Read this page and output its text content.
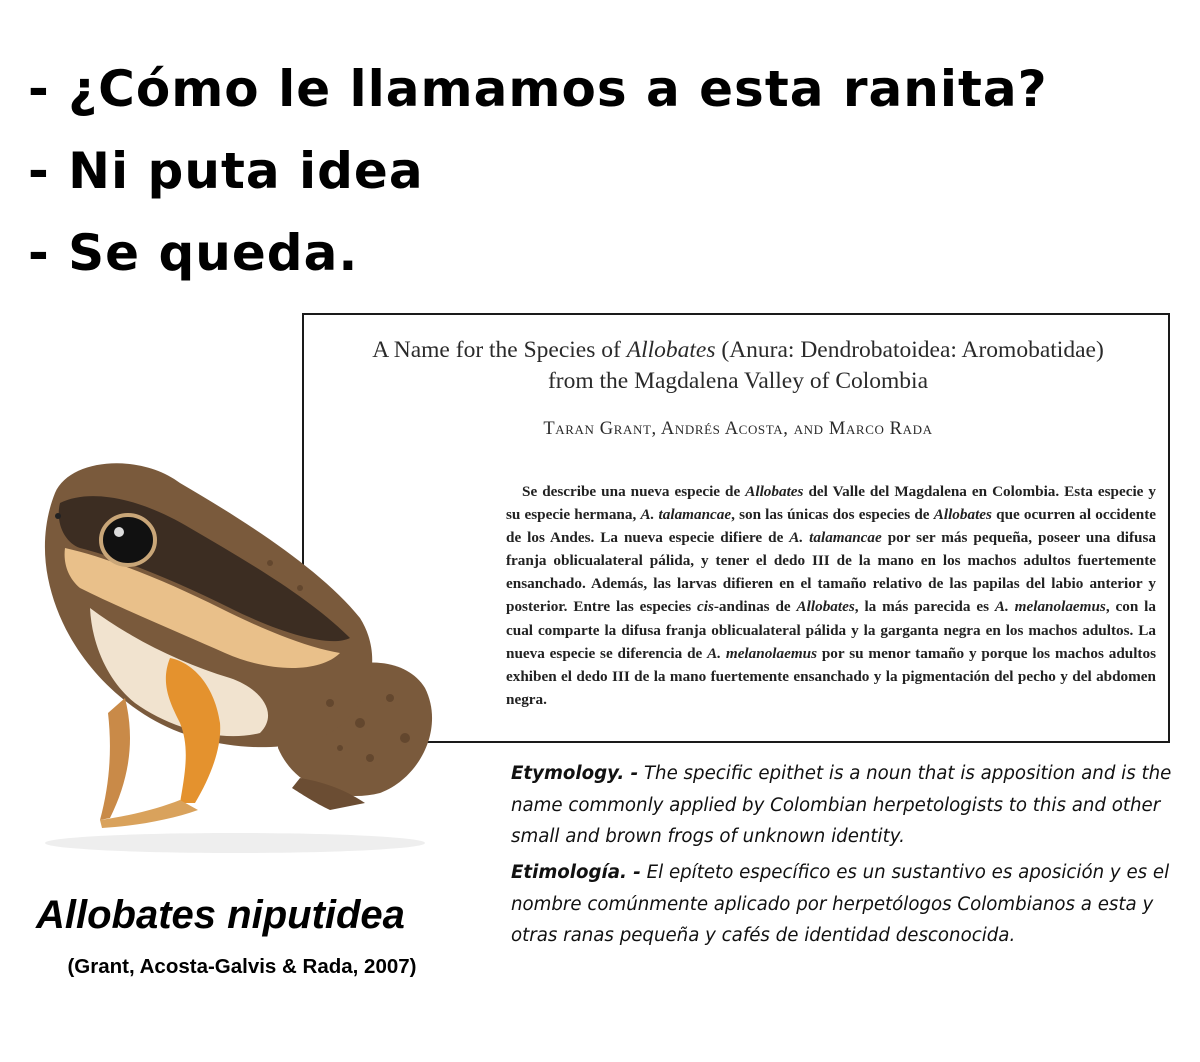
- ¿Cómo le llamamos a esta ranita?
- Ni puta idea
- Se queda.
A Name for the Species of Allobates (Anura: Dendrobatoidea: Aromobatidae)
from the Magdalena Valley of Colombia
Taran Grant, Andrés Acosta, and Marco Rada
Se describe una nueva especie de Allobates del Valle del Magdalena en Colombia. Esta especie y su especie hermana, A. talamancae, son las únicas dos especies de Allobates que ocurren al occidente de los Andes. La nueva especie difiere de A. talamancae por ser más pequeña, poseer una difusa franja oblicualateral pálida, y tener el dedo III de la mano en los machos adultos fuertemente ensanchado. Además, las larvas difieren en el tamaño relativo de las papilas del labio anterior y posterior. Entre las especies cis-andinas de Allobates, la más parecida es A. melanolaemus, con la cual comparte la difusa franja oblicualateral pálida y la garganta negra en los machos adultos. La nueva especie se diferencia de A. melanolaemus por su menor tamaño y porque los machos adultos exhiben el dedo III de la mano fuertemente ensanchado y la pigmentación del pecho y del abdomen negra.
Allobates niputidea
(Grant, Acosta-Galvis & Rada, 2007)
Etymology. - The specific epithet is a noun that is apposition and is the name commonly applied by Colombian herpetologists to this and other small and brown frogs of unknown identity.
Etimología. - El epíteto específico es un sustantivo es aposición y es el nombre comúnmente aplicado por herpetólogos Colombianos a esta y otras ranas pequeña y cafés de identidad desconocida.
